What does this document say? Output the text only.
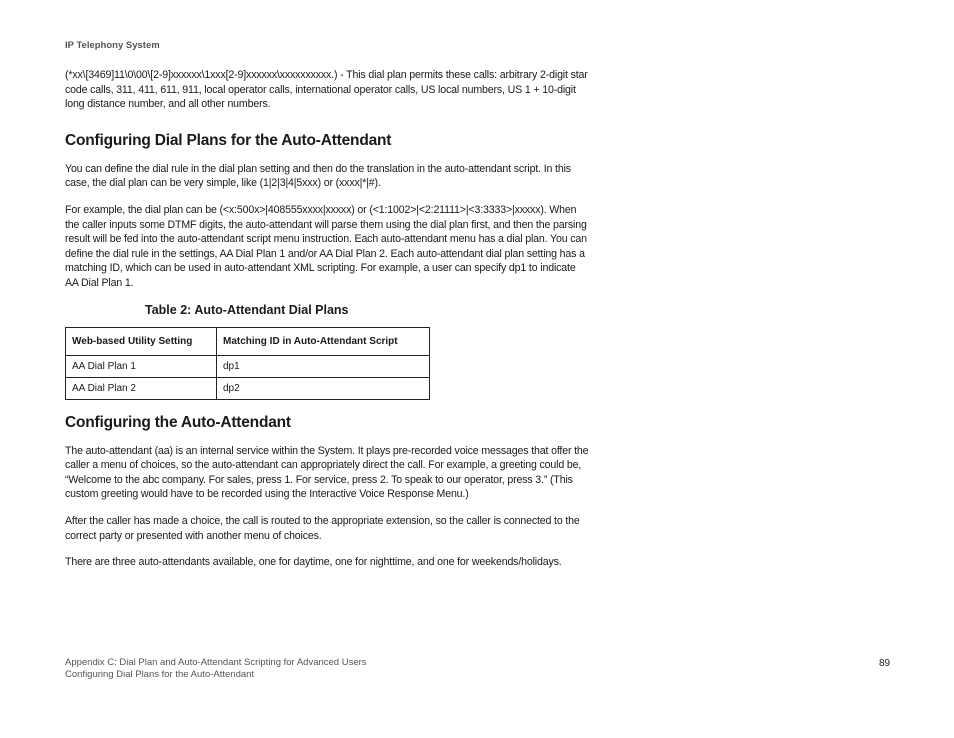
IP Telephony System

(*xx\[3469]11\0\00\[2-9]xxxxxx\1xxx[2-9]xxxxxx\xxxxxxxxxx.) - This dial plan permits these calls: arbitrary 2-digit star code calls, 311, 411, 611, 911, local operator calls, international operator calls, US local numbers, US 1 + 10-digit long distance number, and all other numbers.

Configuring Dial Plans for the Auto-Attendant

You can define the dial rule in the dial plan setting and then do the translation in the auto-attendant script. In this case, the dial plan can be very simple, like (1|2|3|4|5xxx) or (xxxx|*|#).

For example, the dial plan can be (<x:500x>|408555xxxx|xxxxx) or (<1:1002>|<2:21111>|<3:3333>|xxxxx). When the caller inputs some DTMF digits, the auto-attendant will parse them using the dial plan first, and then the parsing result will be fed into the auto-attendant script menu instruction. Each auto-attendant menu has a dial plan. You can define the dial rule in the settings, AA Dial Plan 1 and/or AA Dial Plan 2. Each auto-attendant dial plan setting has a matching ID, which can be used in auto-attendant XML scripting. For example, a user can specify dp1 to indicate AA Dial Plan 1.

Table 2: Auto-Attendant Dial Plans
Web-based Utility Setting	Matching ID in Auto-Attendant Script
AA Dial Plan 1	dp1
AA Dial Plan 2	dp2
Configuring the Auto-Attendant

The auto-attendant (aa) is an internal service within the System. It plays pre-recorded voice messages that offer the caller a menu of choices, so the auto-attendant can appropriately direct the call. For example, a greeting could be, “Welcome to the abc company. For sales, press 1. For service, press 2. To speak to our operator, press 3.” (This custom greeting would have to be recorded using the Interactive Voice Response Menu.)

After the caller has made a choice, the call is routed to the appropriate extension, so the caller is connected to the correct party or presented with another menu of choices.

There are three auto-attendants available, one for daytime, one for nighttime, and one for weekends/holidays.

Appendix C: Dial Plan and Auto-Attendant Scripting for Advanced Users
Configuring Dial Plans for the Auto-Attendant
89
